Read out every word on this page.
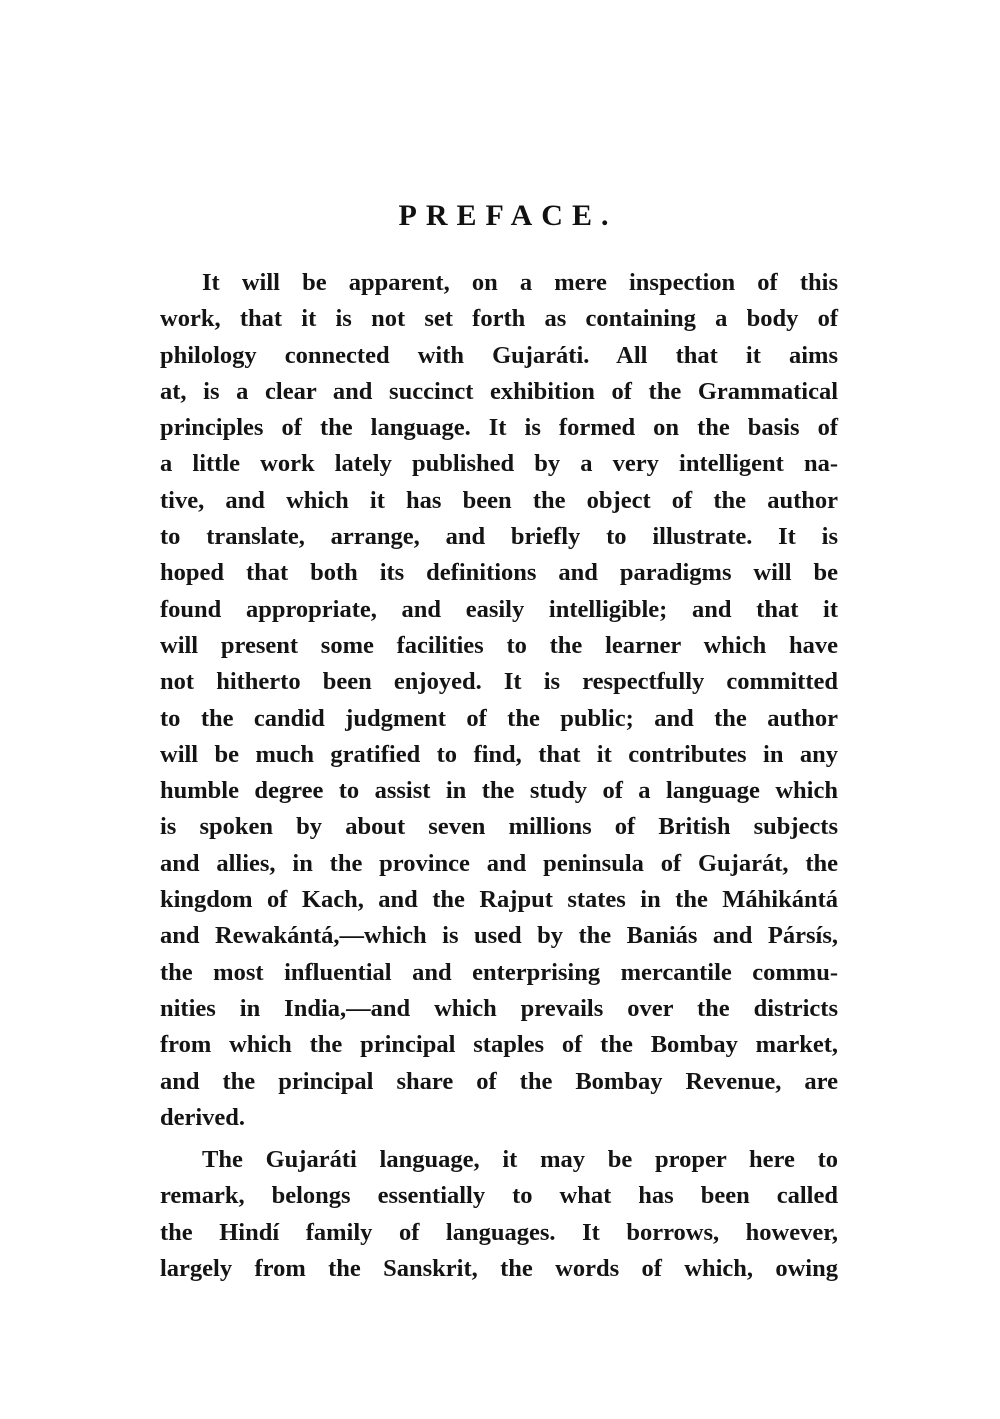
PREFACE.
It will be apparent, on a mere inspection of this
work, that it is not set forth as containing a body of
philology connected with Gujaráti. All that it aims
at, is a clear and succinct exhibition of the Grammatical
principles of the language. It is formed on the basis of
a little work lately published by a very intelligent na-
tive, and which it has been the object of the author
to translate, arrange, and briefly to illustrate. It is
hoped that both its definitions and paradigms will be
found appropriate, and easily intelligible; and that it
will present some facilities to the learner which have
not hitherto been enjoyed. It is respectfully committed
to the candid judgment of the public; and the author
will be much gratified to find, that it contributes in any
humble degree to assist in the study of a language which
is spoken by about seven millions of British subjects
and allies, in the province and peninsula of Gujarát, the
kingdom of Kach, and the Rajput states in the Máhikántá
and Rewakántá,—which is used by the Baniás and Pársís,
the most influential and enterprising mercantile commu-
nities in India,—and which prevails over the districts
from which the principal staples of the Bombay market,
and the principal share of the Bombay Revenue, are
derived.
The Gujaráti language, it may be proper here to
remark, belongs essentially to what has been called
the Hindí family of languages. It borrows, however,
largely from the Sanskrit, the words of which, owing
